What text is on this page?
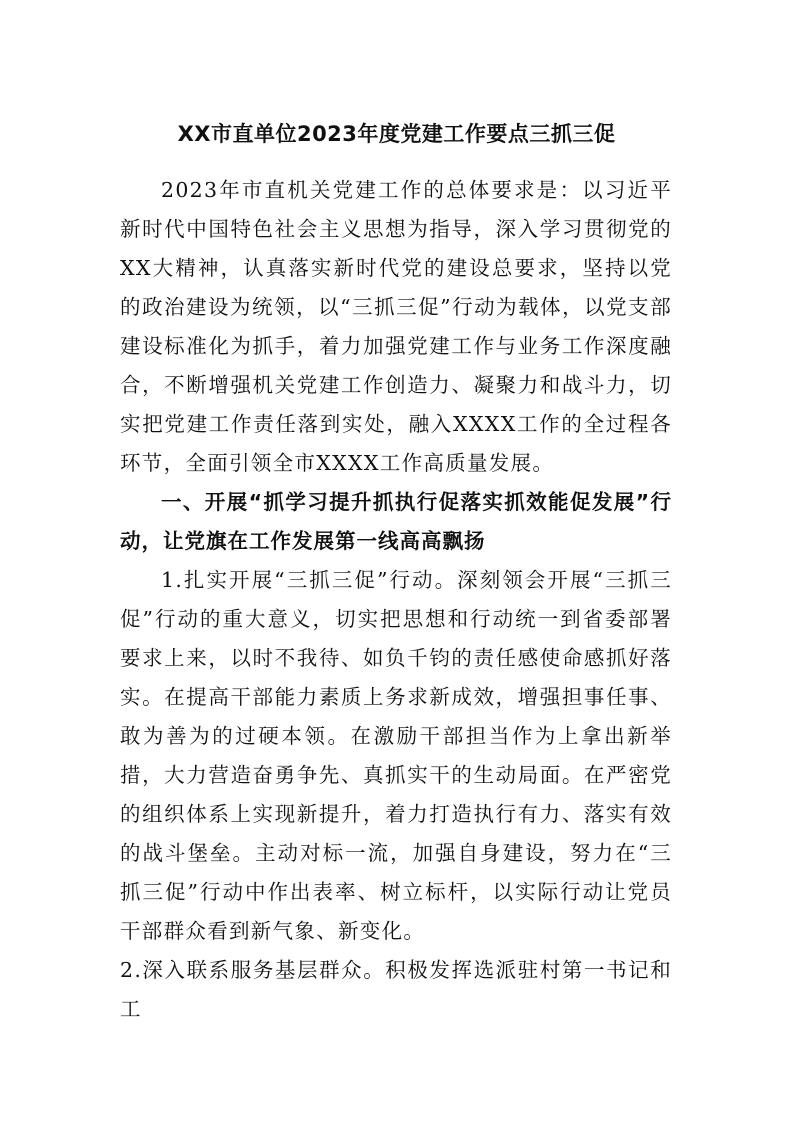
XX市直单位2023年度党建工作要点三抓三促

2023年市直机关党建工作的总体要求是：以习近平新时代中国特色社会主义思想为指导，深入学习贯彻党的XX大精神，认真落实新时代党的建设总要求，坚持以党的政治建设为统领，以“三抓三促”行动为载体，以党支部建设标准化为抓手，着力加强党建工作与业务工作深度融合，不断增强机关党建工作创造力、凝聚力和战斗力，切实把党建工作责任落到实处，融入XXXX工作的全过程各环节，全面引领全市XXXX工作高质量发展。

一、开展“抓学习提升抓执行促落实抓效能促发展”行动，让党旗在工作发展第一线高高飘扬

1.扎实开展“三抓三促”行动。深刻领会开展“三抓三促”行动的重大意义，切实把思想和行动统一到省委部署要求上来，以时不我待、如负千钧的责任感使命感抓好落实。在提高干部能力素质上务求新成效，增强担事任事、敢为善为的过硬本领。在激励干部担当作为上拿出新举措，大力营造奋勇争先、真抓实干的生动局面。在严密党的组织体系上实现新提升，着力打造执行有力、落实有效的战斗堡垒。主动对标一流，加强自身建设，努力在“三抓三促”行动中作出表率、树立标杆，以实际行动让党员干部群众看到新气象、新变化。

2.深入联系服务基层群众。积极发挥选派驻村第一书记和工
